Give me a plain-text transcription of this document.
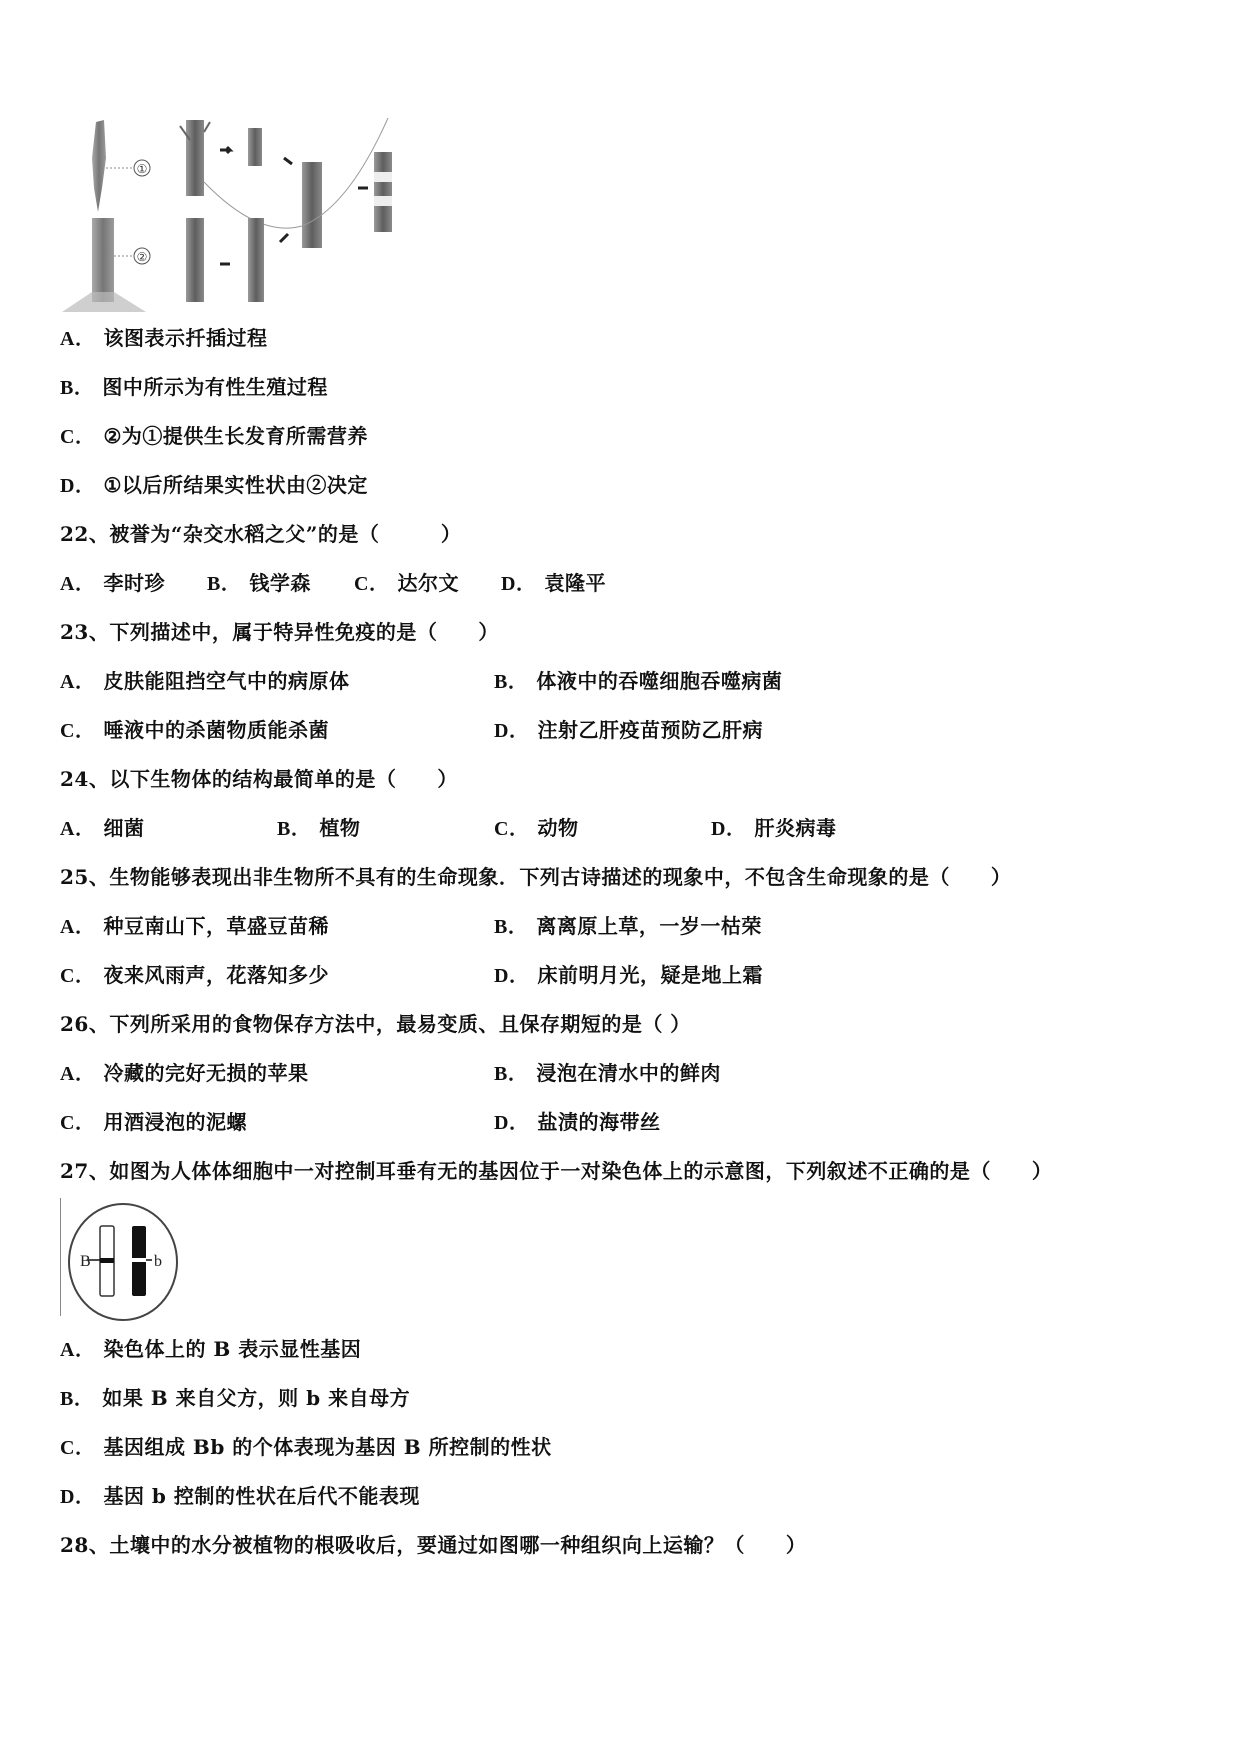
①
②
A． 该图表示扦插过程
B． 图中所示为有性生殖过程
C． ②为①提供生长发育所需营养
D． ①以后所结果实性状由②决定
22、被誉为“杂交水稻之父”的是（　　　）
A． 李时珍 B． 钱学森 C． 达尔文 D． 袁隆平
23、下列描述中，属于特异性免疫的是（　　）
A． 皮肤能阻挡空气中的病原体	B． 体液中的吞噬细胞吞噬病菌
C． 唾液中的杀菌物质能杀菌	D． 注射乙肝疫苗预防乙肝病
24、以下生物体的结构最简单的是（　　）
A． 细菌	B． 植物	C． 动物	D． 肝炎病毒
25、生物能够表现出非生物所不具有的生命现象．下列古诗描述的现象中，不包含生命现象的是（　　）
A． 种豆南山下，草盛豆苗稀	B． 离离原上草，一岁一枯荣
C． 夜来风雨声，花落知多少	D． 床前明月光，疑是地上霜
26、下列所采用的食物保存方法中，最易变质、且保存期短的是（ ）
A． 冷藏的完好无损的苹果	B． 浸泡在清水中的鲜肉
C． 用酒浸泡的泥螺	D． 盐渍的海带丝
27、如图为人体体细胞中一对控制耳垂有无的基因位于一对染色体上的示意图，下列叙述不正确的是（　　）
B	b
A． 染色体上的 B 表示显性基因
B． 如果 B 来自父方，则 b 来自母方
C． 基因组成 Bb 的个体表现为基因 B 所控制的性状
D． 基因 b 控制的性状在后代不能表现
28、土壤中的水分被植物的根吸收后，要通过如图哪一种组织向上运输？（　　）
